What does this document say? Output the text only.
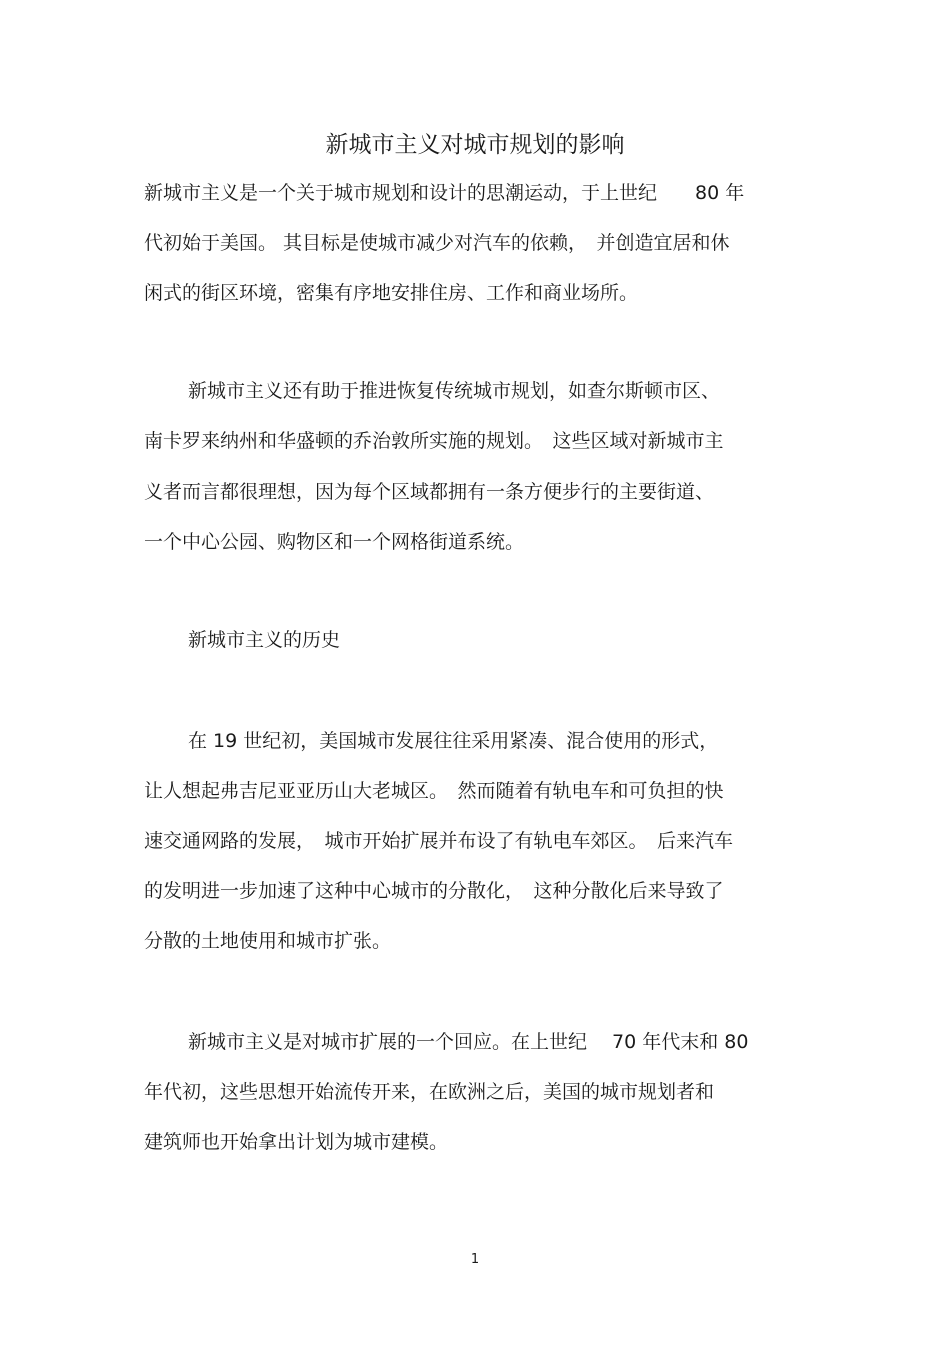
新城市主义对城市规划的影响
新城市主义是一个关于城市规划和设计的思潮运动，于上世纪　　80 年
代初始于美国。 其目标是使城市减少对汽车的依赖，　并创造宜居和休
闲式的街区环境，密集有序地安排住房、工作和商业场所。
新城市主义还有助于推进恢复传统城市规划，如查尔斯顿市区、
南卡罗来纳州和华盛顿的乔治敦所实施的规划。　这些区域对新城市主
义者而言都很理想，因为每个区域都拥有一条方便步行的主要街道、
一个中心公园、购物区和一个网格街道系统。
新城市主义的历史
在 19 世纪初，美国城市发展往往采用紧凑、混合使用的形式，
让人想起弗吉尼亚亚历山大老城区。　然而随着有轨电车和可负担的快
速交通网路的发展，　城市开始扩展并布设了有轨电车郊区。　后来汽车
的发明进一步加速了这种中心城市的分散化，　这种分散化后来导致了
分散的土地使用和城市扩张。
新城市主义是对城市扩展的一个回应。在上世纪　 70 年代末和 80
年代初，这些思想开始流传开来，在欧洲之后，美国的城市规划者和
建筑师也开始拿出计划为城市建模。
1
